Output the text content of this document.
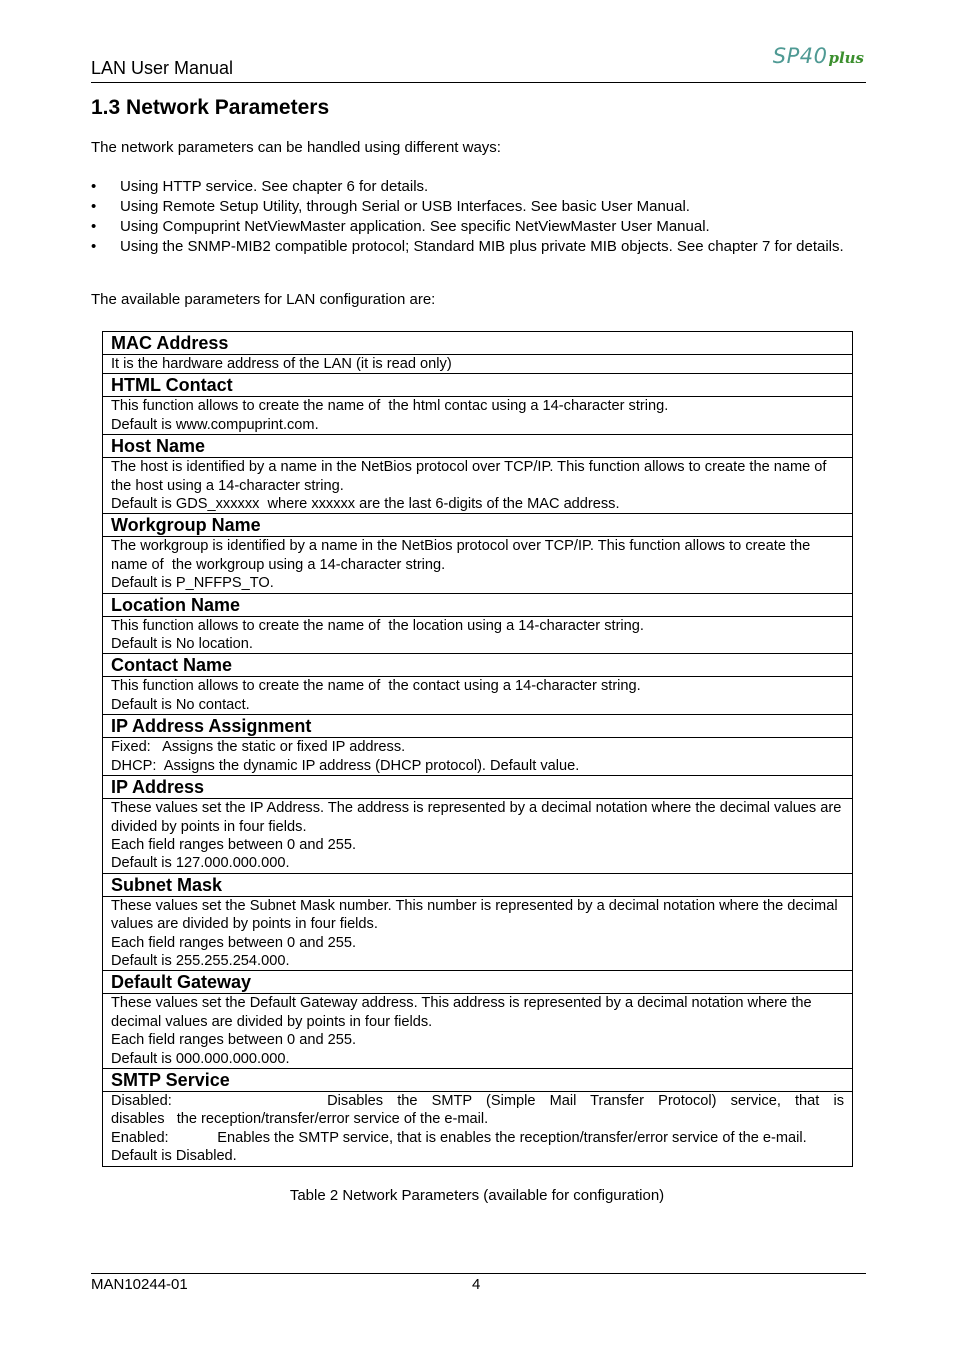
LAN User Manual	SP40plus
1.3 Network Parameters
The network parameters can be handled using different ways:
• Using HTTP service. See chapter 6 for details.
• Using Remote Setup Utility, through Serial or USB Interfaces. See basic User Manual.
• Using Compuprint NetViewMaster application. See specific NetViewMaster User Manual.
• Using the SNMP-MIB2 compatible protocol; Standard MIB plus private MIB objects. See chapter 7 for details.
The available parameters for LAN configuration are:
MAC Address
It is the hardware address of the LAN (it is read only)
HTML Contact
This function allows to create the name of  the html contac using a 14-character string.
Default is www.compuprint.com.
Host Name
The host is identified by a name in the NetBios protocol over TCP/IP. This function allows to create the name of the host using a 14-character string.
Default is GDS_xxxxxx  where xxxxxx are the last 6-digits of the MAC address.
Workgroup Name
The workgroup is identified by a name in the NetBios protocol over TCP/IP. This function allows to create the name of  the workgroup using a 14-character string.
Default is P_NFFPS_TO.
Location Name
This function allows to create the name of  the location using a 14-character string.
Default is No location.
Contact Name
This function allows to create the name of  the contact using a 14-character string.
Default is No contact.
IP Address Assignment
Fixed:   Assigns the static or fixed IP address.
DHCP:  Assigns the dynamic IP address (DHCP protocol). Default value.
IP Address
These values set the IP Address. The address is represented by a decimal notation where the decimal values are divided by points in four fields.
Each field ranges between 0 and 255.
Default is 127.000.000.000.
Subnet Mask
These values set the Subnet Mask number. This number is represented by a decimal notation where the decimal values are divided by points in four fields.
Each field ranges between 0 and 255.
Default is 255.255.254.000.
Default Gateway
These values set the Default Gateway address. This address is represented by a decimal notation where the decimal values are divided by points in four fields.
Each field ranges between 0 and 255.
Default is 000.000.000.000.
SMTP Service
Disabled:           Disables the SMTP (Simple Mail Transfer Protocol) service, that is
disables   the reception/transfer/error service of the e-mail.
Enabled:            Enables the SMTP service, that is enables the reception/transfer/error service of the e-mail. Default is Disabled.
Table 2 Network Parameters (available for configuration)
MAN10244-01	4
